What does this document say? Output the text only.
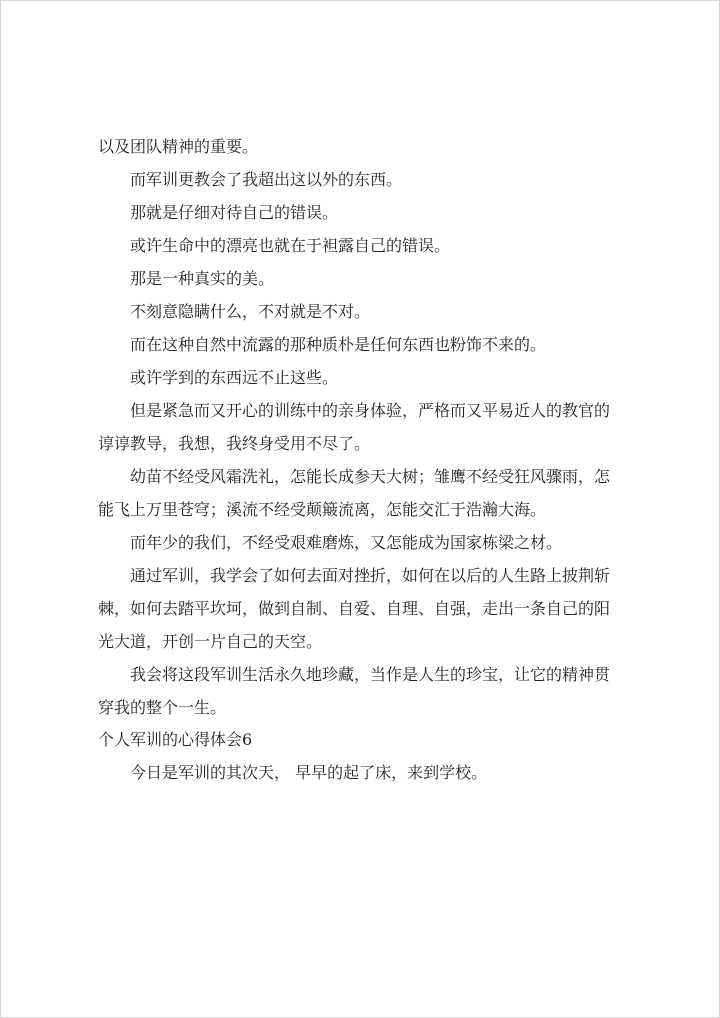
以及团队精神的重要。

而军训更教会了我超出这以外的东西。

那就是仔细对待自己的错误。

或许生命中的漂亮也就在于袒露自己的错误。

那是一种真实的美。

不刻意隐瞒什么，不对就是不对。

而在这种自然中流露的那种质朴是任何东西也粉饰不来的。

或许学到的东西远不止这些。

但是紧急而又开心的训练中的亲身体验，严格而又平易近人的教官的

谆谆教导，我想，我终身受用不尽了。

幼苗不经受风霜洗礼，怎能长成参天大树；雏鹰不经受狂风骤雨，怎

能飞上万里苍穹；溪流不经受颠簸流离，怎能交汇于浩瀚大海。

而年少的我们，不经受艰难磨炼，又怎能成为国家栋梁之材。

通过军训，我学会了如何去面对挫折，如何在以后的人生路上披荆斩

棘，如何去踏平坎坷，做到自制、自爱、自理、自强，走出一条自己的阳

光大道，开创一片自己的天空。

我会将这段军训生活永久地珍藏，当作是人生的珍宝，让它的精神贯

穿我的整个一生。

个人军训的心得体会6

今日是军训的其次天， 早早的起了床，来到学校。
